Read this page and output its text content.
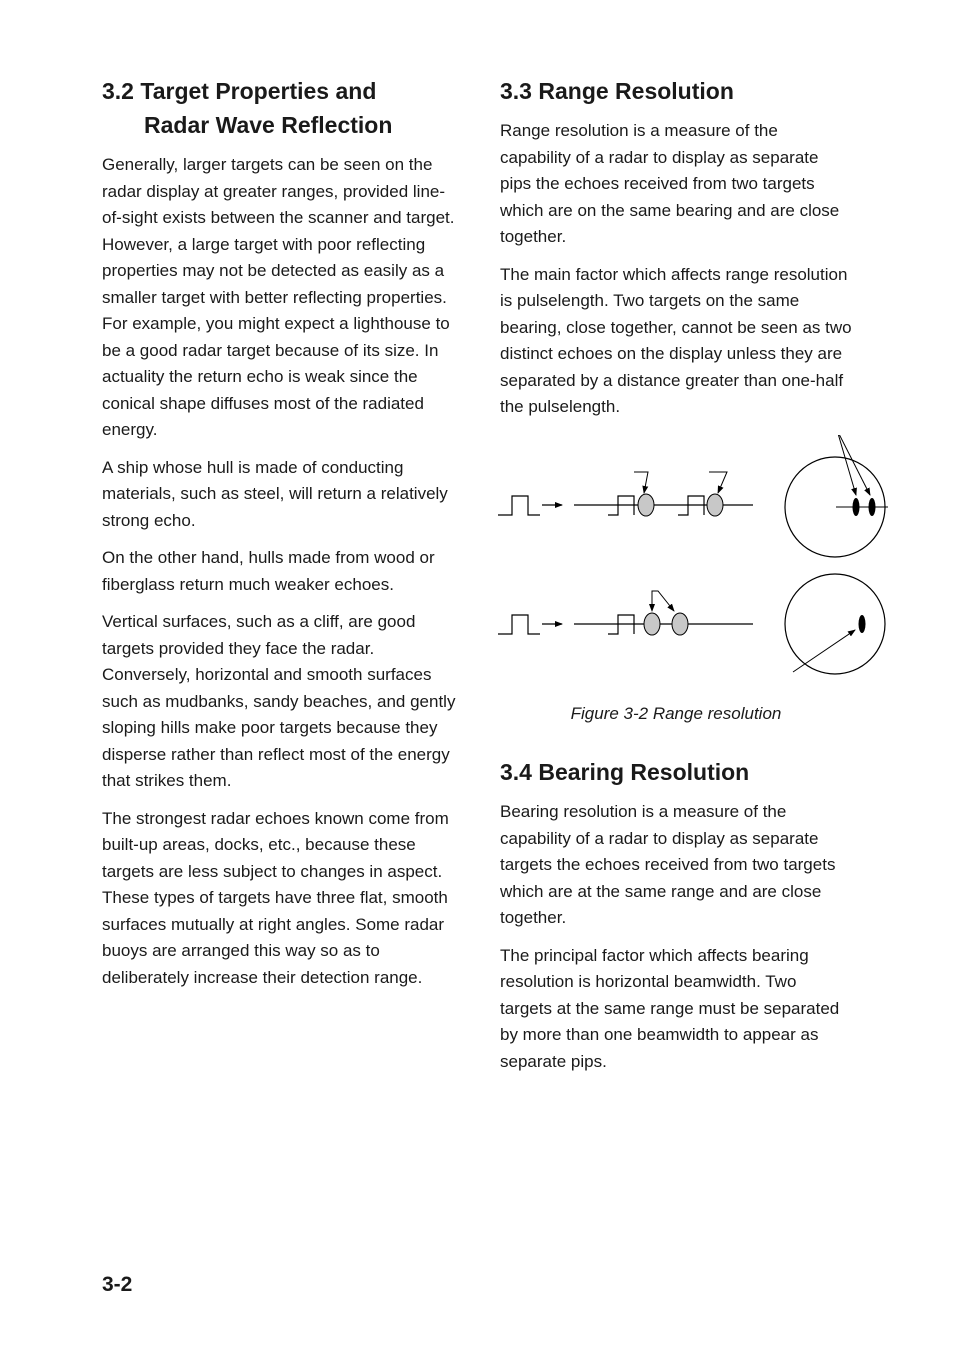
3.2 Target Properties and
Radar Wave Reflection

Generally, larger targets can be seen on the radar display at greater ranges, provided line-of-sight exists between the scanner and target. However, a large target with poor reflecting properties may not be detected as easily as a smaller target with better reflecting properties. For example, you might expect a lighthouse to be a good radar target because of its size. In actuality the return echo is weak since the conical shape diffuses most of the radiated energy.

A ship whose hull is made of conducting materials, such as steel, will return a relatively strong echo.

On the other hand, hulls made from wood or fiberglass return much weaker echoes.

Vertical surfaces, such as a cliff, are good targets provided they face the radar. Conversely, horizontal and smooth surfaces such as mudbanks, sandy beaches, and gently sloping hills make poor targets because they disperse rather than reflect most of the energy that strikes them.

The strongest radar echoes known come from built-up areas, docks, etc., because these targets are less subject to changes in aspect. These types of targets have three flat, smooth surfaces mutually at right angles. Some radar buoys are arranged this way so as to deliberately increase their detection range.

3.3 Range Resolution

Range resolution is a measure of the capability of a radar to display as separate pips the echoes received from two targets which are on the same bearing and are close together.

The main factor which affects range resolution is pulselength. Two targets on the same bearing, close together, cannot be seen as two distinct echoes on the display unless they are separated by a distance greater than one-half the pulselength.

Figure 3-2 Range resolution

3.4 Bearing Resolution

Bearing resolution is a measure of the capability of a radar to display as separate targets the echoes received from two targets which are at the same range and are close together.

The principal factor which affects bearing resolution is horizontal beamwidth. Two targets at the same range must be separated by more than one beamwidth to appear as separate pips.

3-2
